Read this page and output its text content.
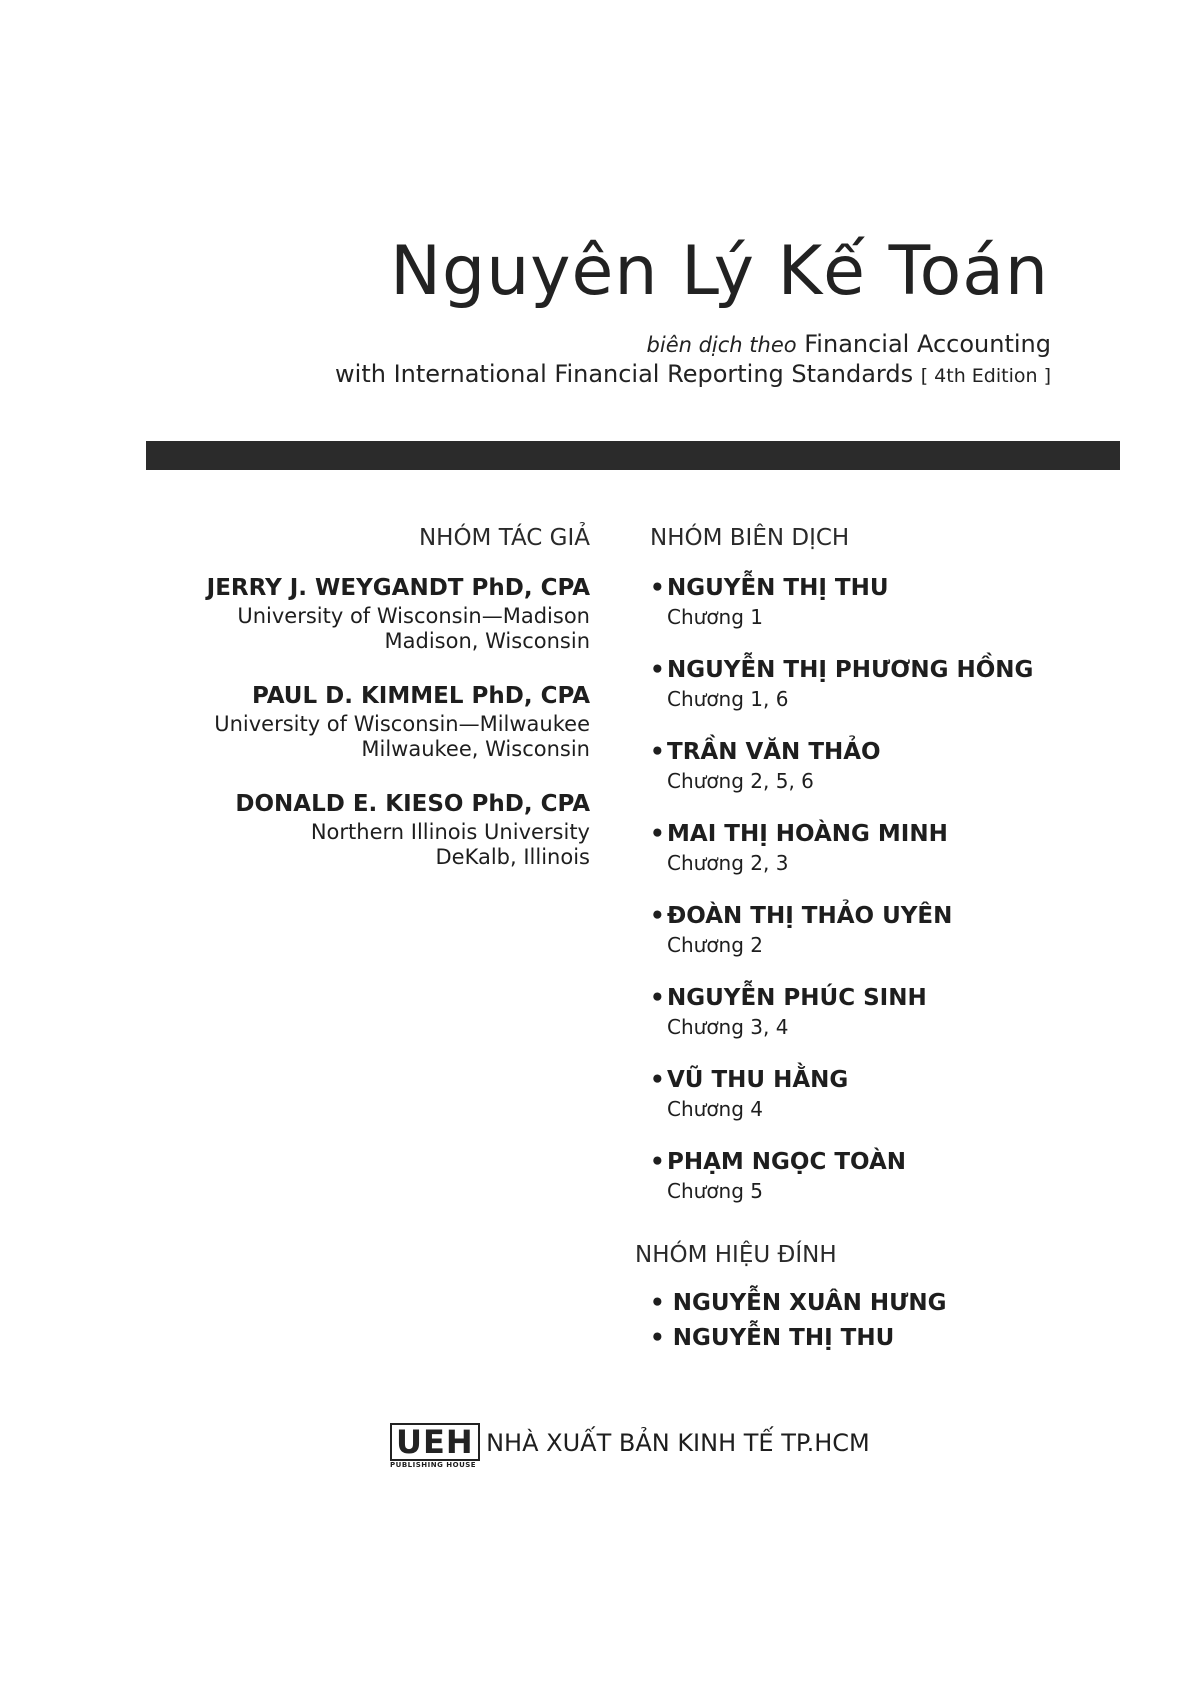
Nguyên Lý Kế Toán
biên dịch theo Financial Accounting
with International Financial Reporting Standards [ 4th Edition ]
NHÓM TÁC GIẢ
JERRY J. WEYGANDT PhD, CPA
University of Wisconsin—Madison
Madison, Wisconsin
PAUL D. KIMMEL PhD, CPA
University of Wisconsin—Milwaukee
Milwaukee, Wisconsin
DONALD E. KIESO PhD, CPA
Northern Illinois University
DeKalb, Illinois
NHÓM BIÊN DỊCH
•NGUYỄN THỊ THU
Chương 1
•NGUYỄN THỊ PHƯƠNG HỒNG
Chương 1, 6
•TRẦN VĂN THẢO
Chương 2, 5, 6
•MAI THỊ HOÀNG MINH
Chương 2, 3
•ĐOÀN THỊ THẢO UYÊN
Chương 2
•NGUYỄN PHÚC SINH
Chương 3, 4
•VŨ THU HẰNG
Chương 4
•PHẠM NGỌC TOÀN
Chương 5
NHÓM HIỆU ĐÍNH
• NGUYỄN XUÂN HƯNG
• NGUYỄN THỊ THU
UEH
PUBLISHING HOUSE
NHÀ XUẤT BẢN KINH TẾ TP.HCM
